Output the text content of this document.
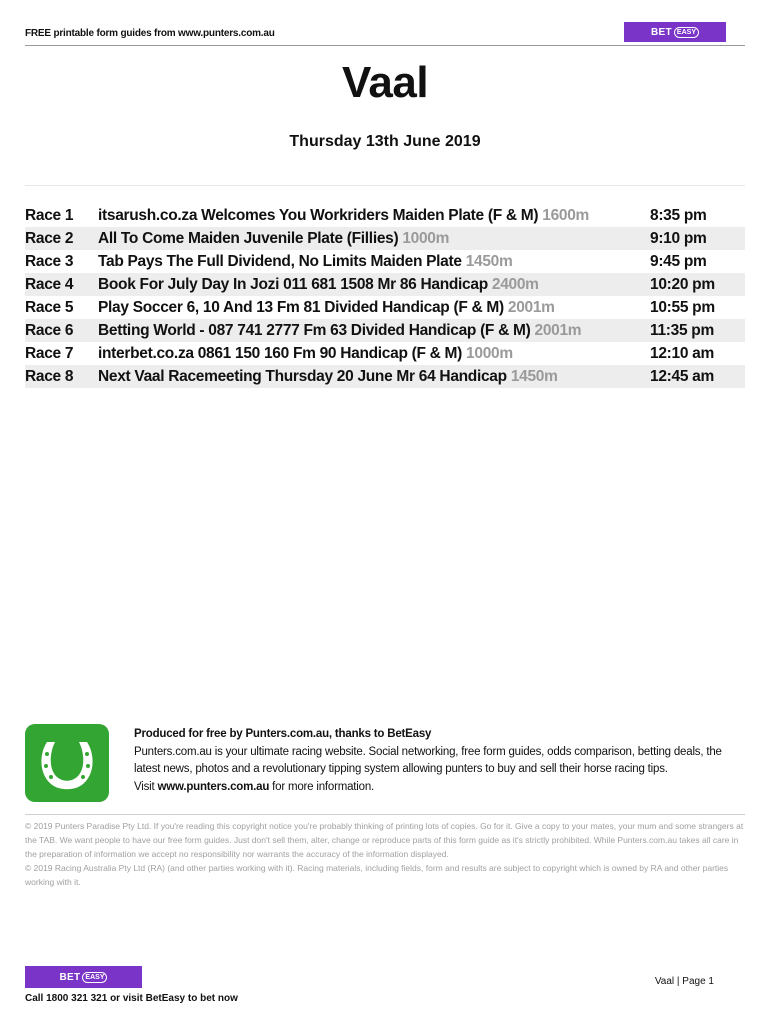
FREE printable form guides from www.punters.com.au	BET EASY
Vaal
Thursday 13th June 2019
Race 1	itsarush.co.za Welcomes You Workriders Maiden Plate (F & M) 1600m	8:35 pm
Race 2	All To Come Maiden Juvenile Plate (Fillies) 1000m	9:10 pm
Race 3	Tab Pays The Full Dividend, No Limits Maiden Plate 1450m	9:45 pm
Race 4	Book For July Day In Jozi 011 681 1508 Mr 86 Handicap 2400m	10:20 pm
Race 5	Play Soccer 6, 10 And 13 Fm 81 Divided Handicap (F & M) 2001m	10:55 pm
Race 6	Betting World - 087 741 2777 Fm 63 Divided Handicap (F & M) 2001m	11:35 pm
Race 7	interbet.co.za 0861 150 160 Fm 90 Handicap (F & M) 1000m	12:10 am
Race 8	Next Vaal Racemeeting Thursday 20 June Mr 64 Handicap 1450m	12:45 am
Produced for free by Punters.com.au, thanks to BetEasy
Punters.com.au is your ultimate racing website. Social networking, free form guides, odds comparison, betting deals, the latest news, photos and a revolutionary tipping system allowing punters to buy and sell their horse racing tips.
Visit www.punters.com.au for more information.
© 2019 Punters Paradise Pty Ltd. If you're reading this copyright notice you're probably thinking of printing lots of copies. Go for it. Give a copy to your mates, your mum and some strangers at the TAB. We want people to have our free form guides. Just don't sell them, alter, change or reproduce parts of this form guide as it's strictly prohibited. While Punters.com.au takes all care in the preparation of information we accept no responsibility nor warrants the accuracy of the information displayed.
© 2019 Racing Australia Pty Ltd (RA) (and other parties working with it). Racing materials, including fields, form and results are subject to copyright which is owned by RA and other parties working with it.
BET EASY	Vaal | Page 1
Call 1800 321 321 or visit BetEasy to bet now
